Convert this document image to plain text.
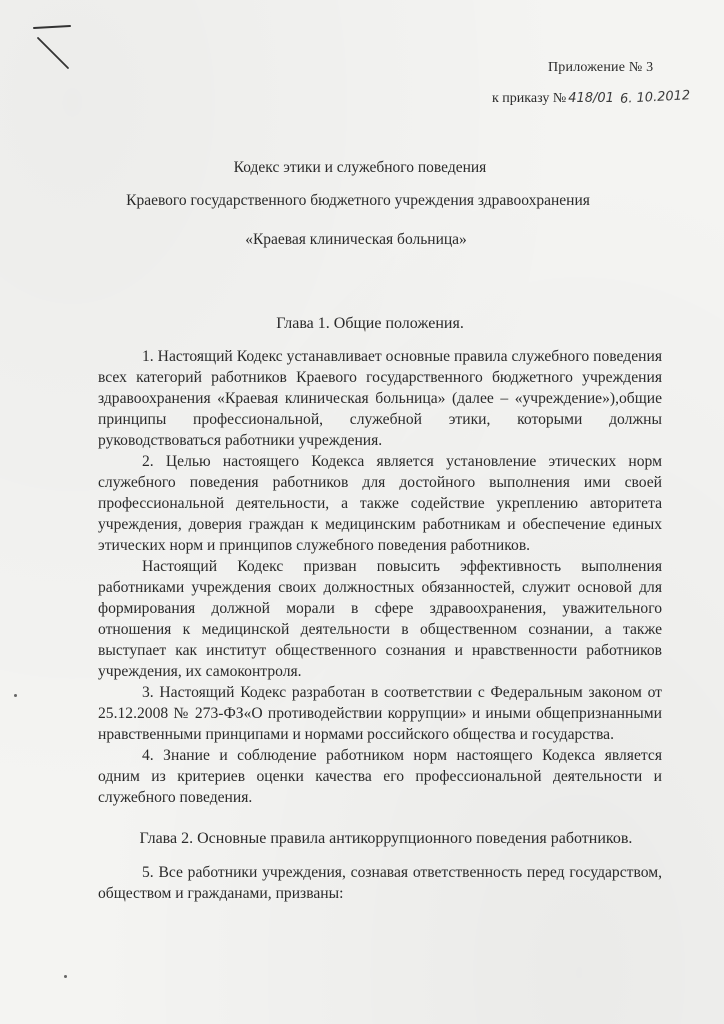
Приложение № 3
к приказу № 418/01 6. 10.2012
Кодекс этики и служебного поведения
Краевого государственного бюджетного учреждения здравоохранения
«Краевая клиническая больница»
Глава 1. Общие положения.

1. Настоящий Кодекс устанавливает основные правила служебного поведения всех категорий работников Краевого государственного бюджетного учреждения здравоохранения «Краевая клиническая больница» (далее – «учреждение»),общие принципы профессиональной, служебной этики, которыми должны руководствоваться работники учреждения.

2. Целью настоящего Кодекса является установление этических норм служебного поведения работников для достойного выполнения ими своей профессиональной деятельности, а также содействие укреплению авторитета учреждения, доверия граждан к медицинским работникам и обеспечение единых этических норм и принципов служебного поведения работников.

Настоящий Кодекс призван повысить эффективность выполнения работниками учреждения своих должностных обязанностей, служит основой для формирования должной морали в сфере здравоохранения, уважительного отношения к медицинской деятельности в общественном сознании, а также выступает как институт общественного сознания и нравственности работников учреждения, их самоконтроля.

3. Настоящий Кодекс разработан в соответствии с Федеральным законом от 25.12.2008 № 273-ФЗ«О противодействии коррупции» и иными общепризнанными нравственными принципами и нормами российского общества и государства.

4. Знание и соблюдение работником норм настоящего Кодекса является одним из критериев оценки качества его профессиональной деятельности и служебного поведения.

Глава 2. Основные правила антикоррупционного поведения работников.

5. Все работники учреждения, сознавая ответственность перед государством, обществом и гражданами, призваны:
